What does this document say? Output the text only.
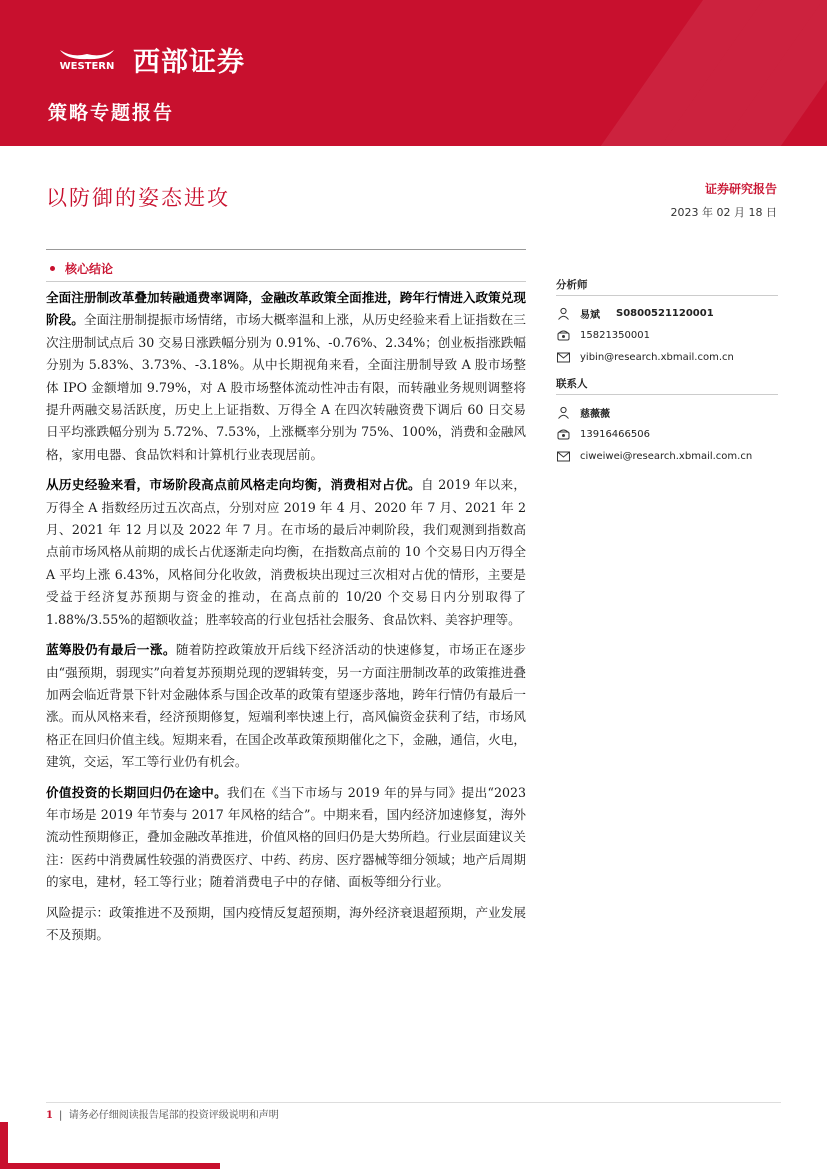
WESTERN 西部证券
策略专题报告
以防御的姿态进攻	证券研究报告
2023 年 02 月 18 日
核心结论

全面注册制改革叠加转融通费率调降，金融改革政策全面推进，跨年行情进入政策兑现阶段。全面注册制提振市场情绪，市场大概率温和上涨，从历史经验来看上证指数在三次注册制试点后 30 交易日涨跌幅分别为 0.91%、-0.76%、2.34%；创业板指涨跌幅分别为 5.83%、3.73%、-3.18%。从中长期视角来看，全面注册制导致 A 股市场整体 IPO 金额增加 9.79%，对 A 股市场整体流动性冲击有限，而转融业务规则调整将提升两融交易活跃度，历史上上证指数、万得全 A 在四次转融资费下调后 60 日交易日平均涨跌幅分别为 5.72%、7.53%，上涨概率分别为 75%、100%，消费和金融风格，家用电器、食品饮料和计算机行业表现居前。

从历史经验来看，市场阶段高点前风格走向均衡，消费相对占优。自 2019 年以来，万得全 A 指数经历过五次高点，分别对应 2019 年 4 月、2020 年 7 月、2021 年 2 月、2021 年 12 月以及 2022 年 7 月。在市场的最后冲刺阶段，我们观测到指数高点前市场风格从前期的成长占优逐渐走向均衡，在指数高点前的 10 个交易日内万得全 A 平均上涨 6.43%，风格间分化收敛，消费板块出现过三次相对占优的情形，主要是受益于经济复苏预期与资金的推动，在高点前的 10/20 个交易日内分别取得了 1.88%/3.55%的超额收益；胜率较高的行业包括社会服务、食品饮料、美容护理等。

蓝筹股仍有最后一涨。随着防控政策放开后线下经济活动的快速修复，市场正在逐步由“强预期，弱现实”向着复苏预期兑现的逻辑转变，另一方面注册制改革的政策推进叠加两会临近背景下针对金融体系与国企改革的政策有望逐步落地，跨年行情仍有最后一涨。而从风格来看，经济预期修复，短端利率快速上行，高风偏资金获利了结，市场风格正在回归价值主线。短期来看，在国企改革政策预期催化之下，金融，通信，火电，建筑，交运，军工等行业仍有机会。

价值投资的长期回归仍在途中。我们在《当下市场与 2019 年的异与同》提出“2023 年市场是 2019 年节奏与 2017 年风格的结合”。中期来看，国内经济加速修复，海外流动性预期修正，叠加金融改革推进，价值风格的回归仍是大势所趋。行业层面建议关注：医药中消费属性较强的消费医疗、中药、药房、医疗器械等细分领域；地产后周期的家电，建材，轻工等行业；随着消费电子中的存储、面板等细分行业。

风险提示：政策推进不及预期，国内疫情反复超预期，海外经济衰退超预期，产业发展不及预期。

分析师
易斌 S0800521120001
15821350001
yibin@research.xbmail.com.cn
联系人
慈薇薇
13916466506
ciweiwei@research.xbmail.com.cn
1 |  请务必仔细阅读报告尾部的投资评级说明和声明
